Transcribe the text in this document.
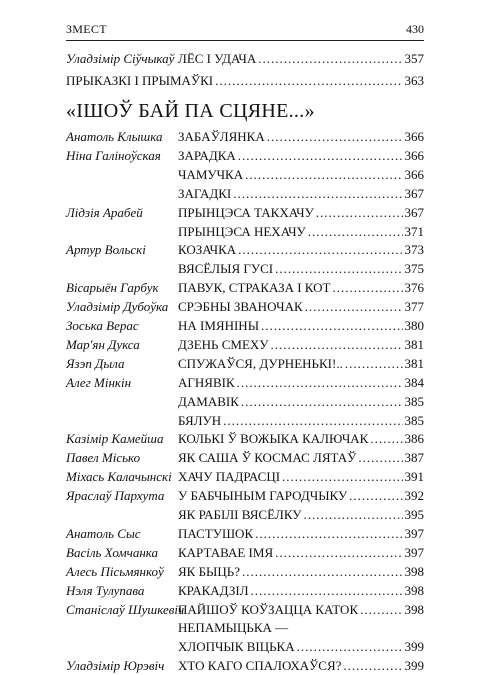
ЗМЕСТ	430
Уладзімір Сіўчыкаў ЛЁС І УДАЧА .....	357
ПРЫКАЗКІ І ПРЫМАЎКІ .....	363
«ІШОЎ БАЙ ПА СЦЯНЕ...»
Анатоль Клышка ЗАБАЎЛЯНКА .....	366
Ніна Галіноўская ЗАРАДКА .....	366
ЧАМУЧКА .....	366
ЗАГАДКІ .....	367
Лідзія Арабей	ПРЫНЦЭСА ТАКХАЧУ .....	367
ПРЫНЦЭСА НЕХАЧУ .....	371
Артур Вольскі КОЗАЧКА .....	373
ВЯСЁЛЫЯ ГУСІ .....	375
Вісарыён Гарбук ПАВУК, СТРАКАЗА І КОТ .....	376
Уладзімір Дубоўка СРЭБНЫ ЗВАНОЧАК .....	377
Зоська Верас	НА ІМЯНІНЫ .....	380
Мар'ян Дукса	ДЗЕНЬ СМЕХУ .....	381
Язэп Дыла	СПУЖАЎСЯ, ДУРНЕНЬКІ!.. .....	381
Алег Мінкін	АГНЯВІК .....	384
ДАМАВІК .....	385
БЯЛУН .....	385
Казімір Камейша КОЛЬКІ Ў ВОЖЫКА КАЛЮЧАК .....	386
Павел Місько	ЯК САША Ў КОСМАС ЛЯТАЎ .....	387
Міхась Калачынскі ХАЧУ ПАДРАСЦІ .....	391
Яраслаў Пархута У БАБЧЫНЫМ ГАРОДЧЫКУ .....	392
ЯК РАБІЛІ ВЯСЁЛКУ .....	395
Анатоль Сыс	ПАСТУШОК .....	397
Васіль Хомчанка КАРТАВАЕ ІМЯ .....	397
Алесь Пісьмянкоў ЯК БЫЦЬ? .....	398
Нэля Тулупава	КРАКАДЗІЛ .....	398
Станіслаў Шушкевіч
ПАЙШОЎ КОЎЗАЦЦА КАТОК .....	398
НЕПАМЫЦЬКА —
ХЛОПЧЫК ВІЦЬКА .....	399
Уладзімір Юрэвіч ХТО КАГО СПАЛОХАЎСЯ? .....	399
